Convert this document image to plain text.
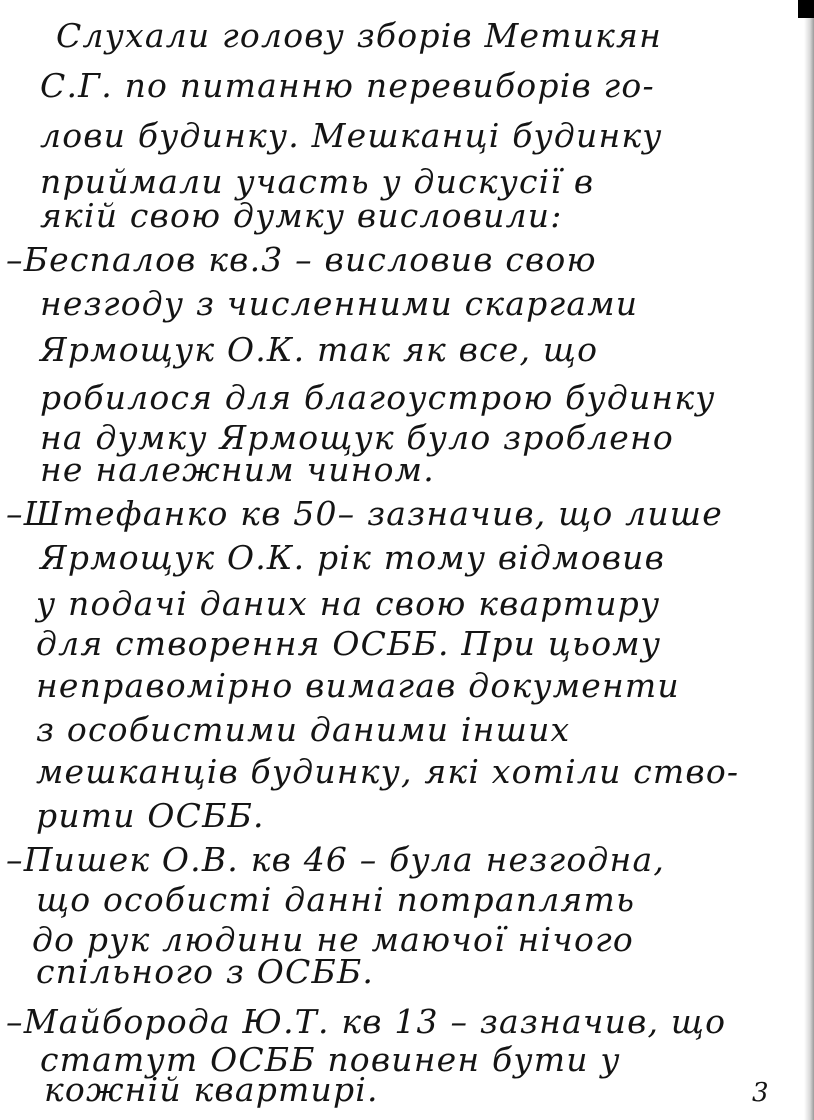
Слухали голову зборів Метикян
С.Г. по питанню перевиборів го-
лови будинку. Мешканці будинку
приймали участь у дискусії в
якій свою думку висловили:
–Беспалов кв.3 – висловив свою
незгоду з численними скаргами
Ярмощук О.К. так як все, що
робилося для благоустрою будинку
на думку Ярмощук було зроблено
не належним чином.
–Штефанко кв 50– зазначив, що лише
Ярмощук О.К. рік тому відмовив
у подачі даних на свою квартиру
для створення ОСББ. При цьому
неправомірно вимагав документи
з особистими даними інших
мешканців будинку, які хотіли ство-
рити ОСББ.
–Пишек О.В. кв 46 – була незгодна,
що особисті данні потраплять
до рук людини не маючої нічого
спільного з ОСББ.
–Майборода Ю.Т. кв 13 – зазначив, що
статут ОСББ повинен бути у
кожній квартирі.	3
